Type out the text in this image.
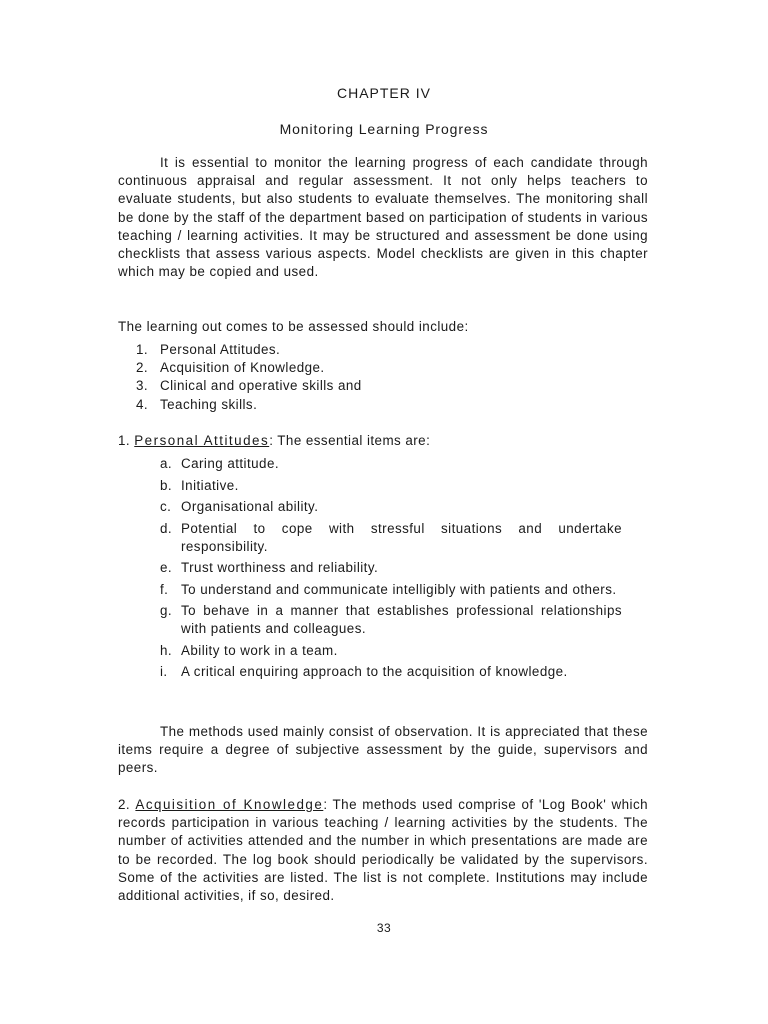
CHAPTER IV
Monitoring Learning Progress

It is essential to monitor the learning progress of each candidate through continuous appraisal and regular assessment. It not only helps teachers to evaluate students, but also students to evaluate themselves. The monitoring shall be done by the staff of the department based on participation of students in various teaching / learning activities. It may be structured and assessment be done using checklists that assess various aspects. Model checklists are given in this chapter which may be copied and used.

The learning out comes to be assessed should include:

1. Personal Attitudes.
2. Acquisition of Knowledge.
3. Clinical and operative skills and
4. Teaching skills.
1. Personal Attitudes: The essential items are:
a. Caring attitude.
b. Initiative.
c. Organisational ability.
d. Potential to cope with stressful situations and undertake responsibility.
e. Trust worthiness and reliability.
f. To understand and communicate intelligibly with patients and others.
g. To behave in a manner that establishes professional relationships with patients and colleagues.
h. Ability to work in a team.
i. A critical enquiring approach to the acquisition of knowledge.

The methods used mainly consist of observation. It is appreciated that these items require a degree of subjective assessment by the guide, supervisors and peers.

2. Acquisition of Knowledge: The methods used comprise of 'Log Book' which records participation in various teaching / learning activities by the students. The number of activities attended and the number in which presentations are made are to be recorded. The log book should periodically be validated by the supervisors. Some of the activities are listed. The list is not complete. Institutions may include additional activities, if so, desired.

33
